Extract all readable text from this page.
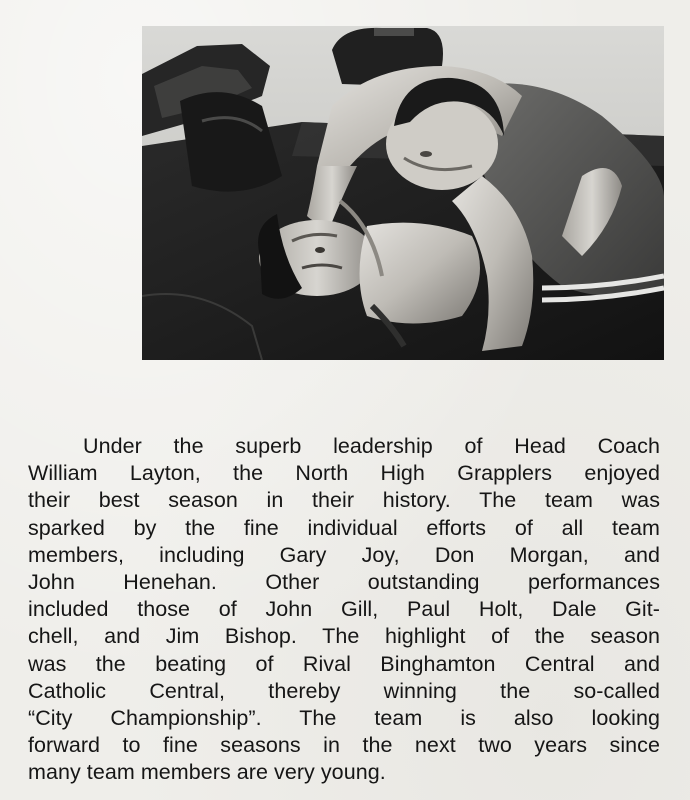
Under the superb leadership of Head Coach
William Layton, the North High Grapplers enjoyed
their best season in their history. The team was
sparked by the fine individual efforts of all team
members, including Gary Joy, Don Morgan, and
John Henehan. Other outstanding performances
included those of John Gill, Paul Holt, Dale Git-
chell, and Jim Bishop. The highlight of the season
was the beating of Rival Binghamton Central and
Catholic Central, thereby winning the so-called
“City Championship”. The team is also looking
forward to fine seasons in the next two years since
many team members are very young.
